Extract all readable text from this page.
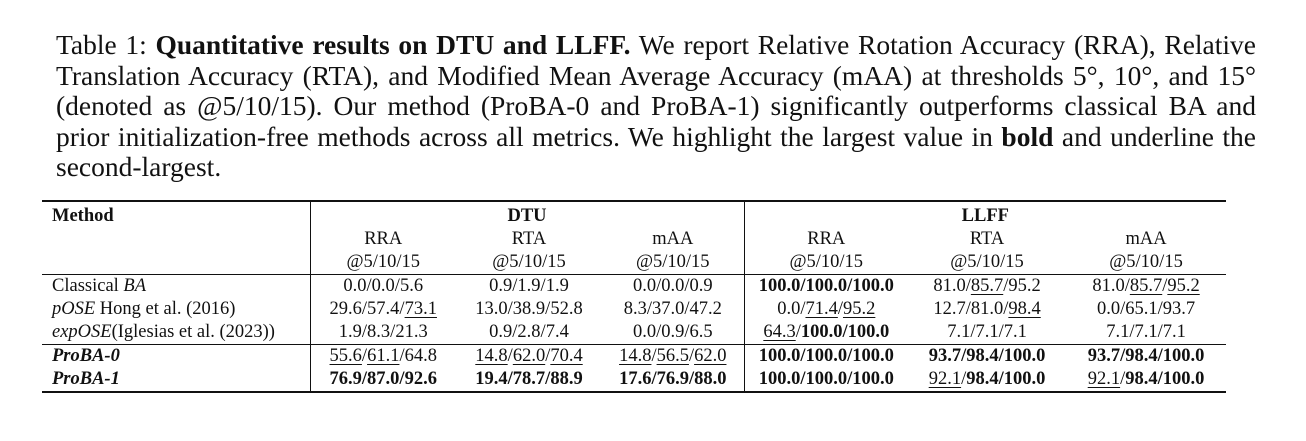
Table 1: Quantitative results on DTU and LLFF. We report Relative Rotation Accuracy (RRA), Relative Translation Accuracy (RTA), and Modified Mean Average Accuracy (mAA) at thresholds 5°, 10°, and 15° (denoted as @5/10/15). Our method (ProBA-0 and ProBA-1) significantly outperforms classical BA and prior initialization-free methods across all metrics. We highlight the largest value in bold and underline the second-largest.
Method	DTU			LLFF		
	RRA	RTA	mAA	RRA	RTA	mAA
	@5/10/15	@5/10/15	@5/10/15	@5/10/15	@5/10/15	@5/10/15
Classical BA	0.0/0.0/5.6	0.9/1.9/1.9	0.0/0.0/0.9	100.0/100.0/100.0	81.0/85.7/95.2	81.0/85.7/95.2
pOSE Hong et al. (2016)	29.6/57.4/73.1	13.0/38.9/52.8	8.3/37.0/47.2	0.0/71.4/95.2	12.7/81.0/98.4	0.0/65.1/93.7
expOSE(Iglesias et al. (2023))	1.9/8.3/21.3	0.9/2.8/7.4	0.0/0.9/6.5	64.3/100.0/100.0	7.1/7.1/7.1	7.1/7.1/7.1
ProBA-0	55.6/61.1/64.8	14.8/62.0/70.4	14.8/56.5/62.0	100.0/100.0/100.0	93.7/98.4/100.0	93.7/98.4/100.0
ProBA-1	76.9/87.0/92.6	19.4/78.7/88.9	17.6/76.9/88.0	100.0/100.0/100.0	92.1/98.4/100.0	92.1/98.4/100.0
